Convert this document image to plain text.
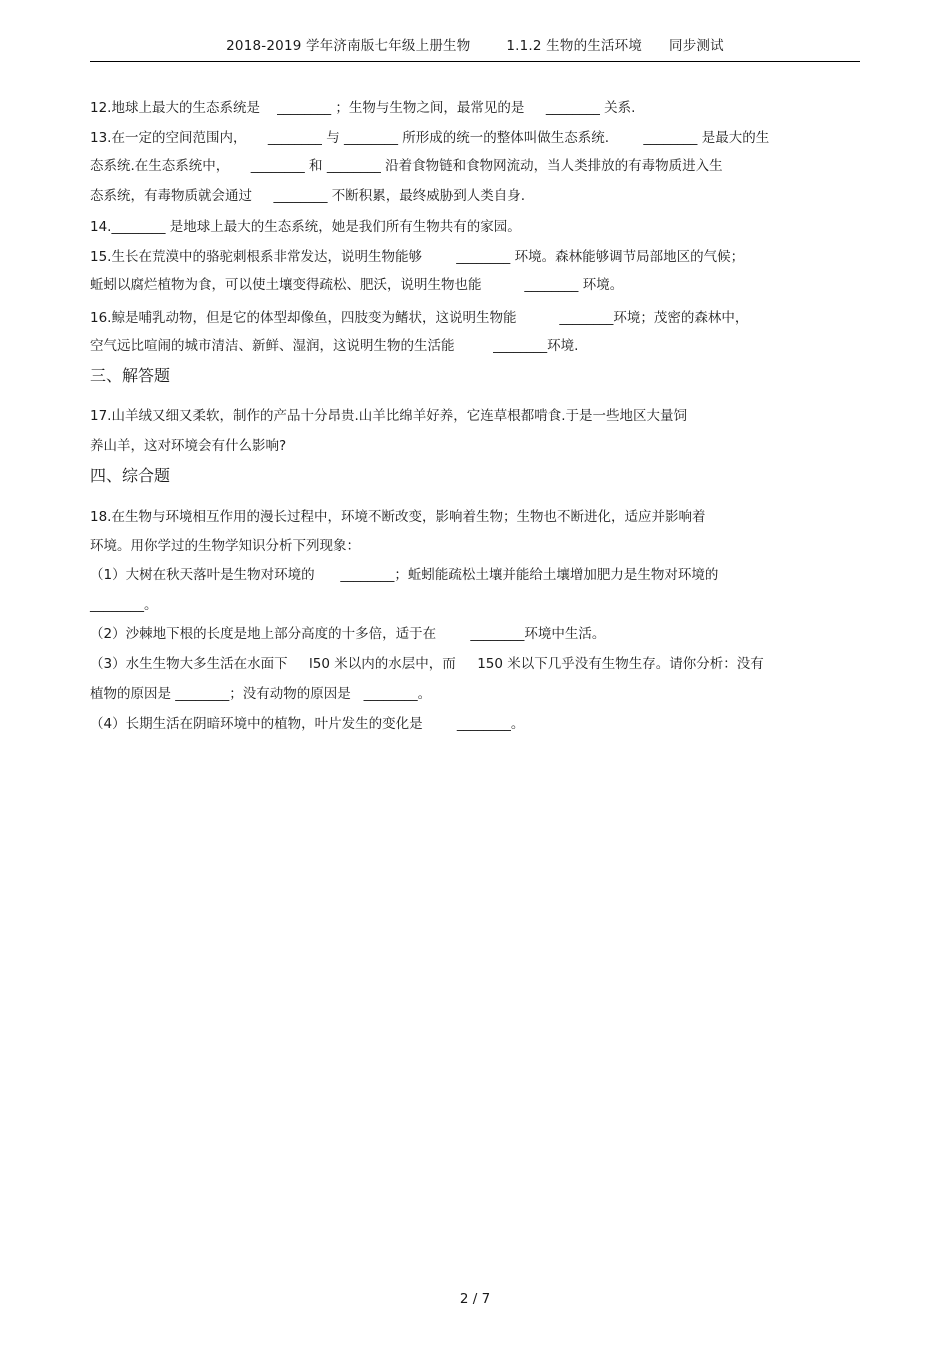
2018-2019 学年济南版七年级上册生物        1.1.2 生物的生活环境      同步测试
12.地球上最大的生态系统是    ________ ；生物与生物之间，最常见的是     ________ 关系.
13.在一定的空间范围内，     ________ 与 ________ 所形成的统一的整体叫做生态系统.        ________ 是最大的生
态系统.在生态系统中，     ________ 和 ________ 沿着食物链和食物网流动，当人类排放的有毒物质进入生
态系统，有毒物质就会通过     ________ 不断积累，最终威胁到人类自身.
14.________ 是地球上最大的生态系统，她是我们所有生物共有的家园。
15.生长在荒漠中的骆驼刺根系非常发达，说明生物能够        ________ 环境。森林能够调节局部地区的气候；
蚯蚓以腐烂植物为食，可以使土壤变得疏松、肥沃，说明生物也能          ________ 环境。
16.鲸是哺乳动物，但是它的体型却像鱼，四肢变为鳍状，这说明生物能          ________环境；茂密的森林中，
空气远比喧闹的城市清洁、新鲜、湿润，这说明生物的生活能         ________环境.
三、解答题
17.山羊绒又细又柔软，制作的产品十分昂贵.山羊比绵羊好养，它连草根都啃食.于是一些地区大量饲
养山羊，这对环境会有什么影响?
四、综合题
18.在生物与环境相互作用的漫长过程中，环境不断改变，影响着生物；生物也不断进化，适应并影响着
环境。用你学过的生物学知识分析下列现象：
（1）大树在秋天落叶是生物对环境的      ________；蚯蚓能疏松土壤并能给土壤增加肥力是生物对环境的
________。
（2）沙棘地下根的长度是地上部分高度的十多倍，适于在        ________环境中生活。
（3）水生生物大多生活在水面下     l50 米以内的水层中，而     150 米以下几乎没有生物生存。请你分析：没有
植物的原因是 ________；没有动物的原因是   ________。
（4）长期生活在阴暗环境中的植物，叶片发生的变化是        ________。
2 / 7
